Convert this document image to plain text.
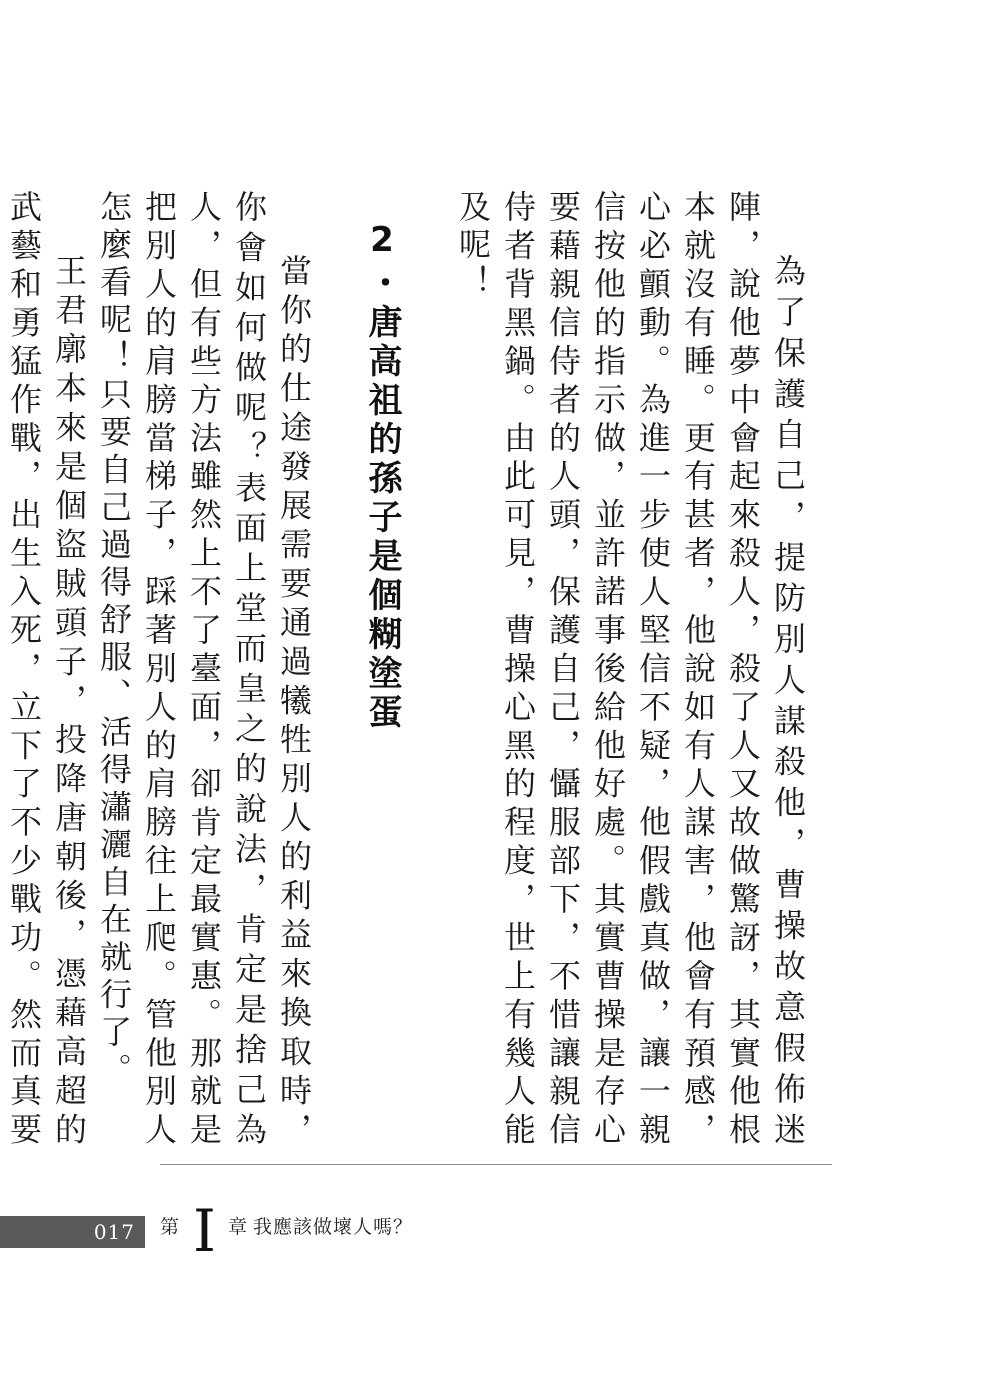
為了保護自己，提防別人謀殺他，曹操故意假佈迷陣，說他夢中會起來殺人，殺了人又故做驚訝，其實他根本就沒有睡。更有甚者，他說如有人謀害，他會有預感，心必顫動。為進一步使人堅信不疑，他假戲真做，讓一親信按他的指示做，並許諾事後給他好處。其實曹操是存心要藉親信侍者的人頭，保護自己，懾服部下，不惜讓親信侍者背黑鍋。由此可見，曹操心黑的程度，世上有幾人能及呢！

2・唐高祖的孫子是個糊塗蛋

當你的仕途發展需要通過犧牲別人的利益來換取時，你會如何做呢？表面上堂而皇之的說法，肯定是捨己為人，但有些方法雖然上不了臺面，卻肯定最實惠。那就是把別人的肩膀當梯子，踩著別人的肩膀往上爬。管他別人怎麼看呢！只要自己過得舒服、活得瀟灑自在就行了。

王君廓本來是個盜賊頭子，投降唐朝後，憑藉高超的武藝和勇猛作戰，出生入死，立下了不少戰功。然而真要

017 第 I 章 我應該做壞人嗎？
